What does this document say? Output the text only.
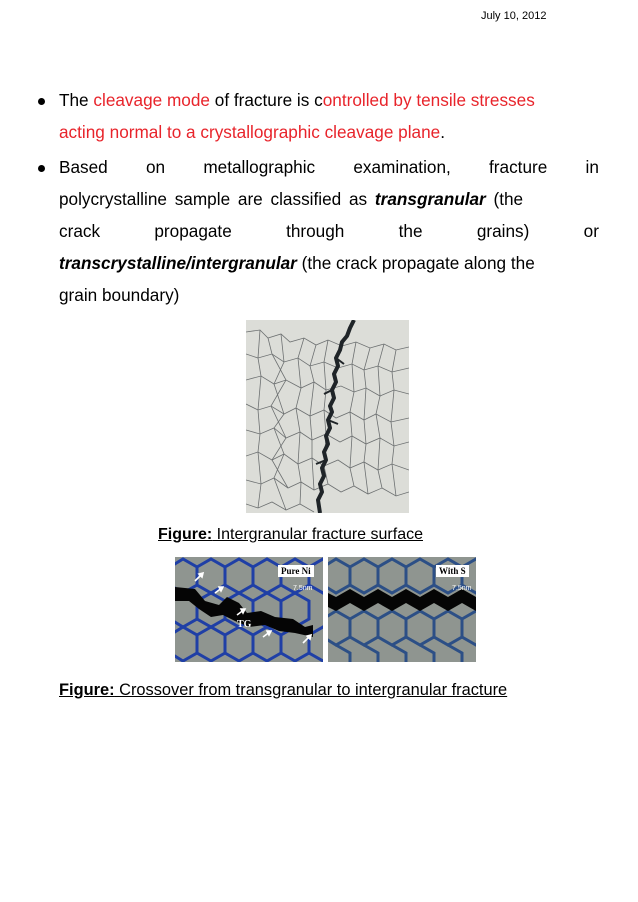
July 10, 2012
The cleavage mode of fracture is controlled by tensile stresses
acting normal to a crystallographic cleavage plane.
Based on metallographic examination, fracture in
polycrystalline sample are classified as transgranular (the
crack	propagate	through	the	grains)	or
transcrystalline/intergranular (the crack propagate along the
grain boundary)
Figure: Intergranular fracture surface
Pure Ni
7.5nm
TG
With S
7.5nm
Figure: Crossover from transgranular to intergranular fracture
